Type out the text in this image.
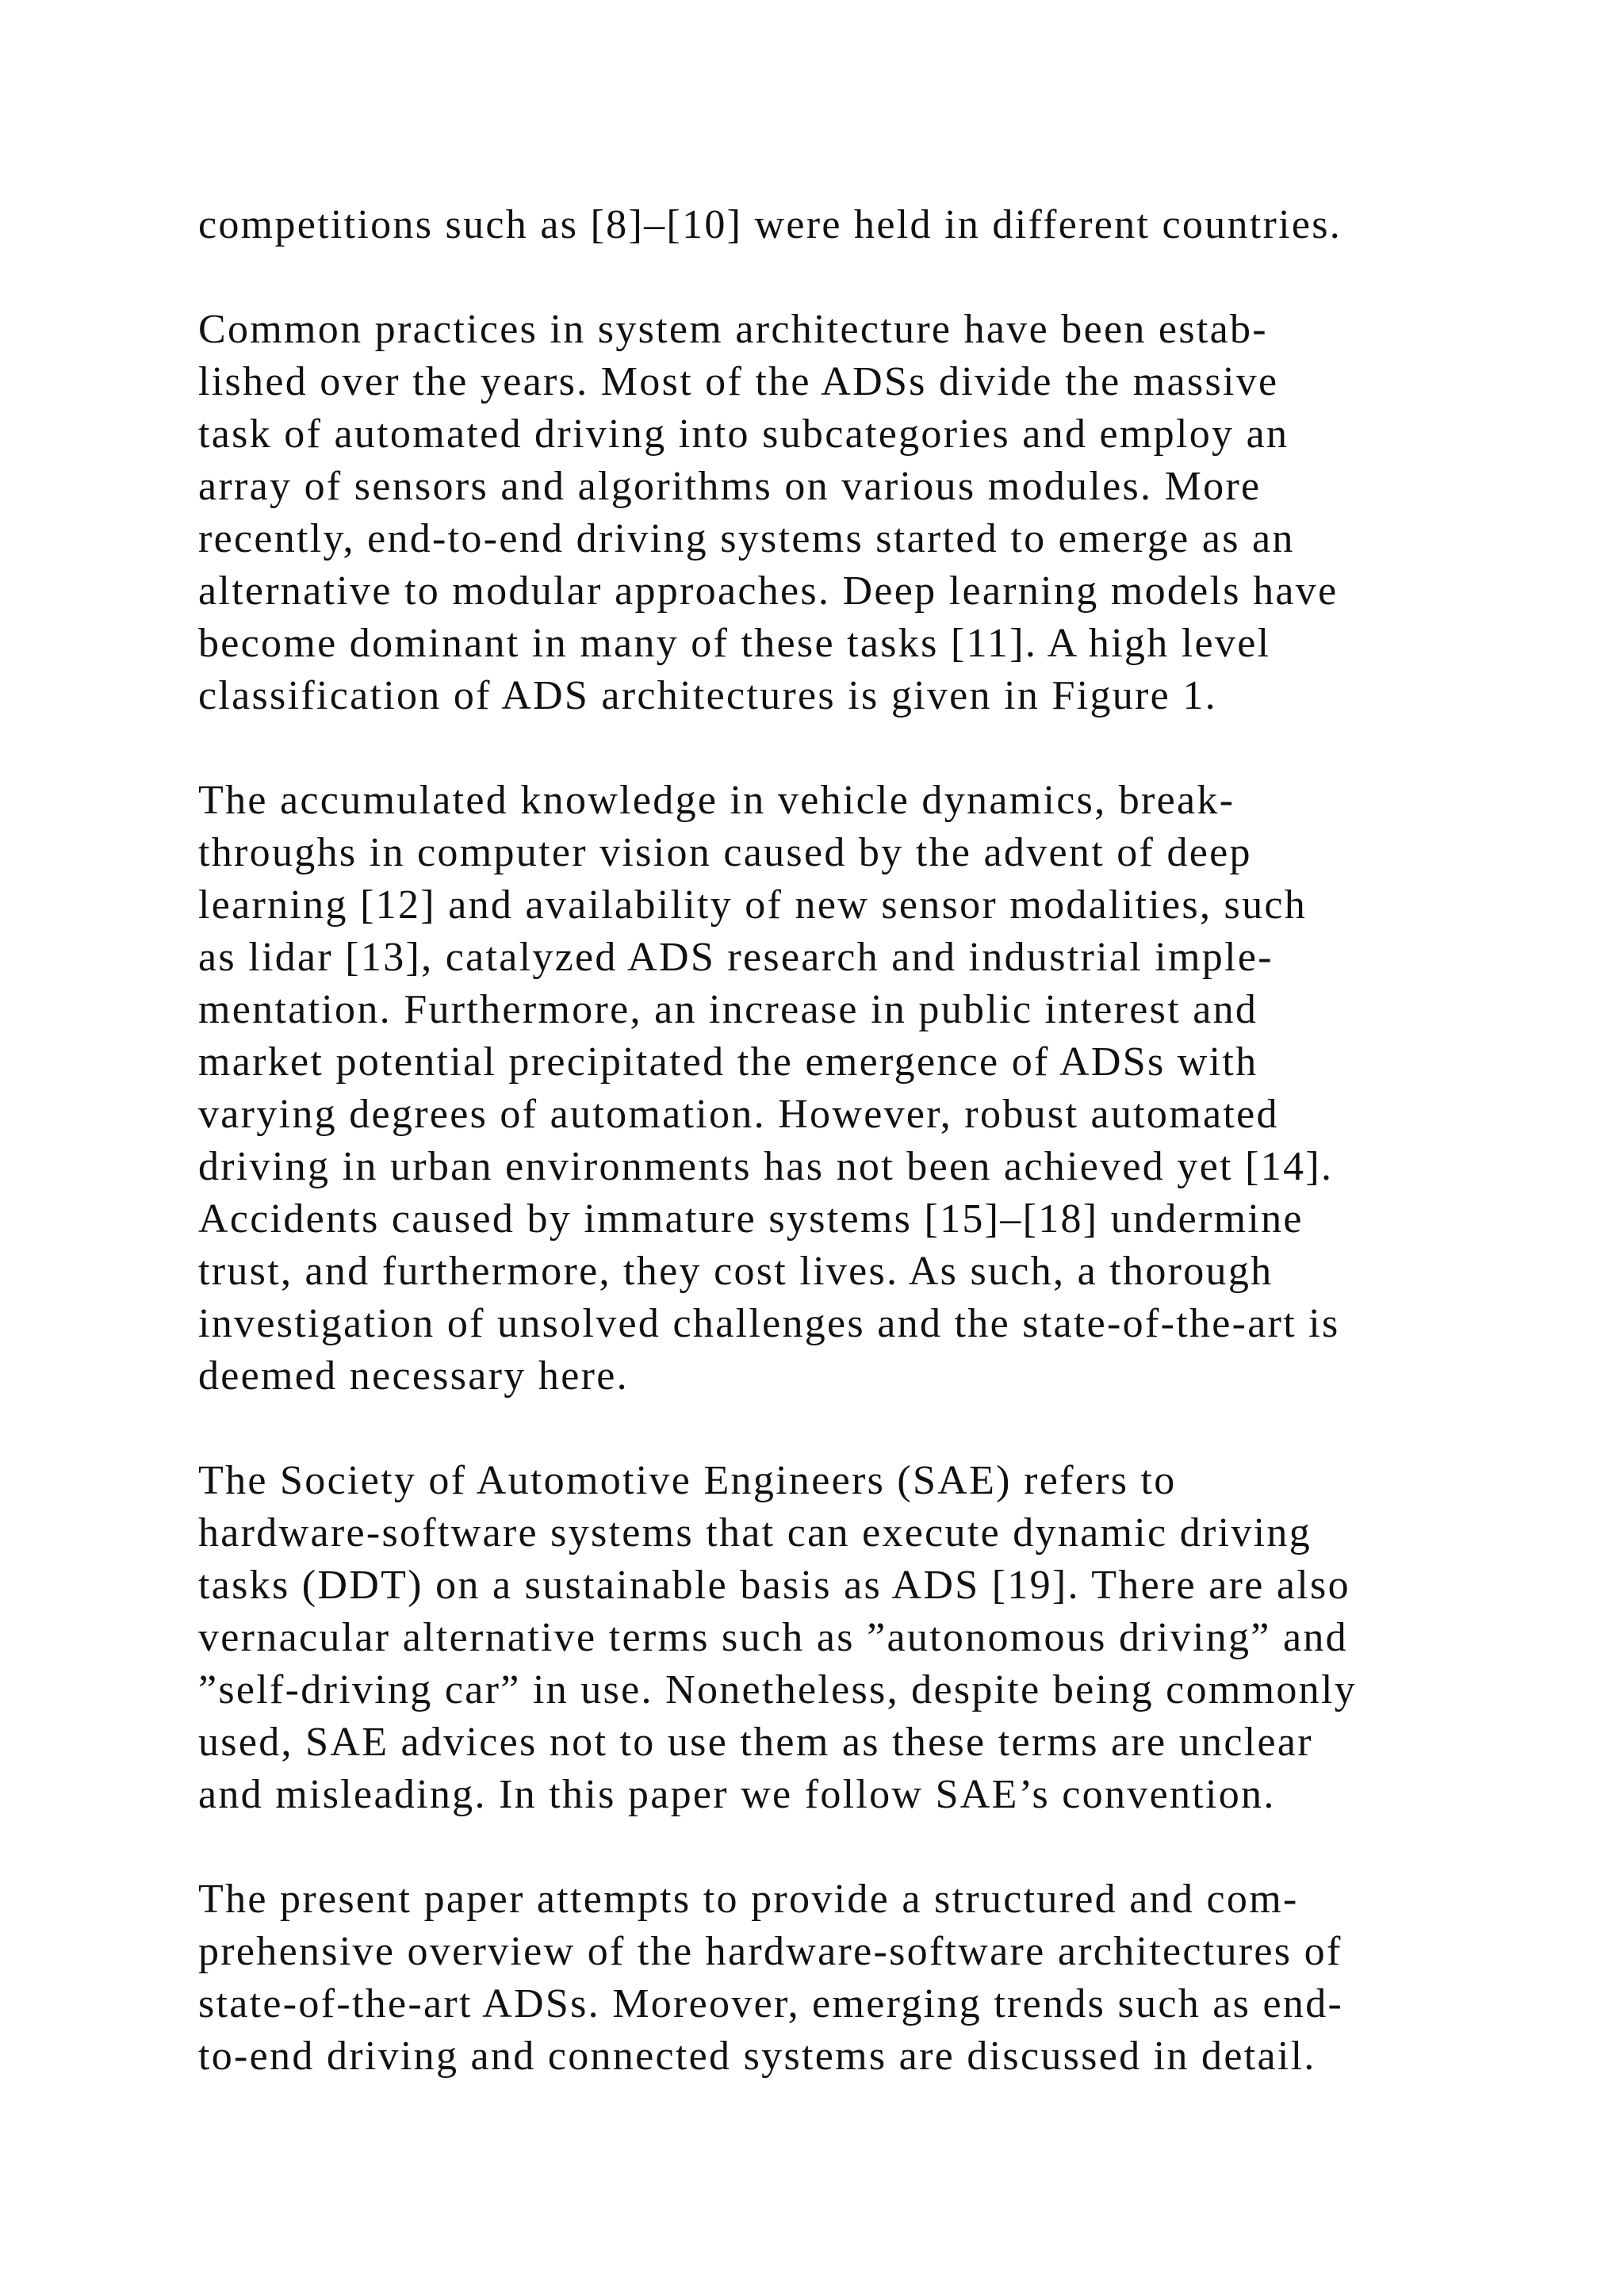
competitions such as [8]–[10] were held in different countries.
Common practices in system architecture have been estab-
lished over the years. Most of the ADSs divide the massive
task of automated driving into subcategories and employ an
array of sensors and algorithms on various modules. More
recently, end-to-end driving systems started to emerge as an
alternative to modular approaches. Deep learning models have
become dominant in many of these tasks [11]. A high level
classification of ADS architectures is given in Figure 1.
The accumulated knowledge in vehicle dynamics, break-
throughs in computer vision caused by the advent of deep
learning [12] and availability of new sensor modalities, such
as lidar [13], catalyzed ADS research and industrial imple-
mentation. Furthermore, an increase in public interest and
market potential precipitated the emergence of ADSs with
varying degrees of automation. However, robust automated
driving in urban environments has not been achieved yet [14].
Accidents caused by immature systems [15]–[18] undermine
trust, and furthermore, they cost lives. As such, a thorough
investigation of unsolved challenges and the state-of-the-art is
deemed necessary here.
The Society of Automotive Engineers (SAE) refers to
hardware-software systems that can execute dynamic driving
tasks (DDT) on a sustainable basis as ADS [19]. There are also
vernacular alternative terms such as ”autonomous driving” and
”self-driving car” in use. Nonetheless, despite being commonly
used, SAE advices not to use them as these terms are unclear
and misleading. In this paper we follow SAE’s convention.
The present paper attempts to provide a structured and com-
prehensive overview of the hardware-software architectures of
state-of-the-art ADSs. Moreover, emerging trends such as end-
to-end driving and connected systems are discussed in detail.
